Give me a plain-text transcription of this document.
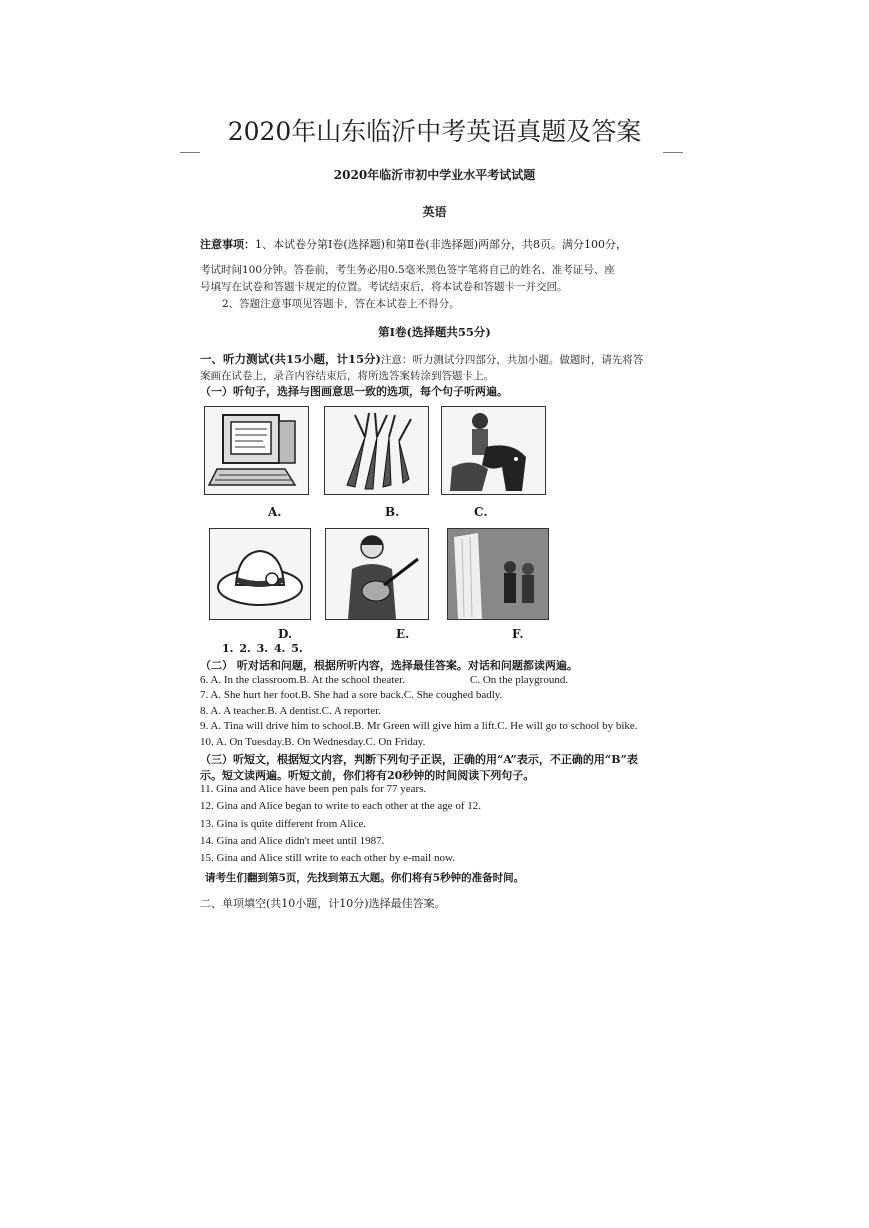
2020年山东临沂中考英语真题及答案
2020年临沂市初中学业水平考试试题
英语
注意事项：1、本试卷分第Ⅰ卷(选择题)和第Ⅱ卷(非选择题)两部分，共8页。满分100分，
考试时间100分钟。答卷前，考生务必用0.5毫米黑色签字笔将自己的姓名、准考证号、座
号填写在试卷和答题卡规定的位置。考试结束后，将本试卷和答题卡一并交回。
2、答题注意事项见答题卡，答在本试卷上不得分。
第Ⅰ卷(选择题共55分)
一、听力测试(共15小题，计15分)注意：听力测试分四部分，共加小题。做题时，请先将答
案画在试卷上，录音内容结束后，将所选答案转涂到答题卡上。
（一）听句子，选择与图画意思一致的选项，每个句子听两遍。
A.	B.	C.
D.	E.	F.
1. 2. 3. 4. 5.
（二） 听对话和问题，根据所听内容，选择最佳答案。对话和问题都读两遍。
6. A. In the classroom.B. At the school theater.	C. On the playground.
7. A. She hurt her foot.B. She had a sore back.C. She coughed badly.
8. A. A teacher.B. A dentist.C. A reporter.
9. A. Tina will drive him to school.B. Mr Green will give him a lift.C. He will go to school by bike.
10. A. On Tuesday.B. On Wednesday.C. On Friday.
（三）听短文，根据短文内容，判断下列句子正误，正确的用“A”表示，不正确的用“B”表
示。短文读两遍。听短文前，你们将有20秒钟的时间阅读下列句子。
11. Gina and Alice have been pen pals for 77 years.
12. Gina and Alice began to write to each other at the age of 12.
13. Gina is quite different from Alice.
14. Gina and Alice didn't meet until 1987.
15. Gina and Alice still write to each other by e-mail now.
请考生们翻到第5页，先找到第五大题。你们将有5秒钟的准备时间。
二、单项填空(共10小题，计10分)选择最佳答案。
